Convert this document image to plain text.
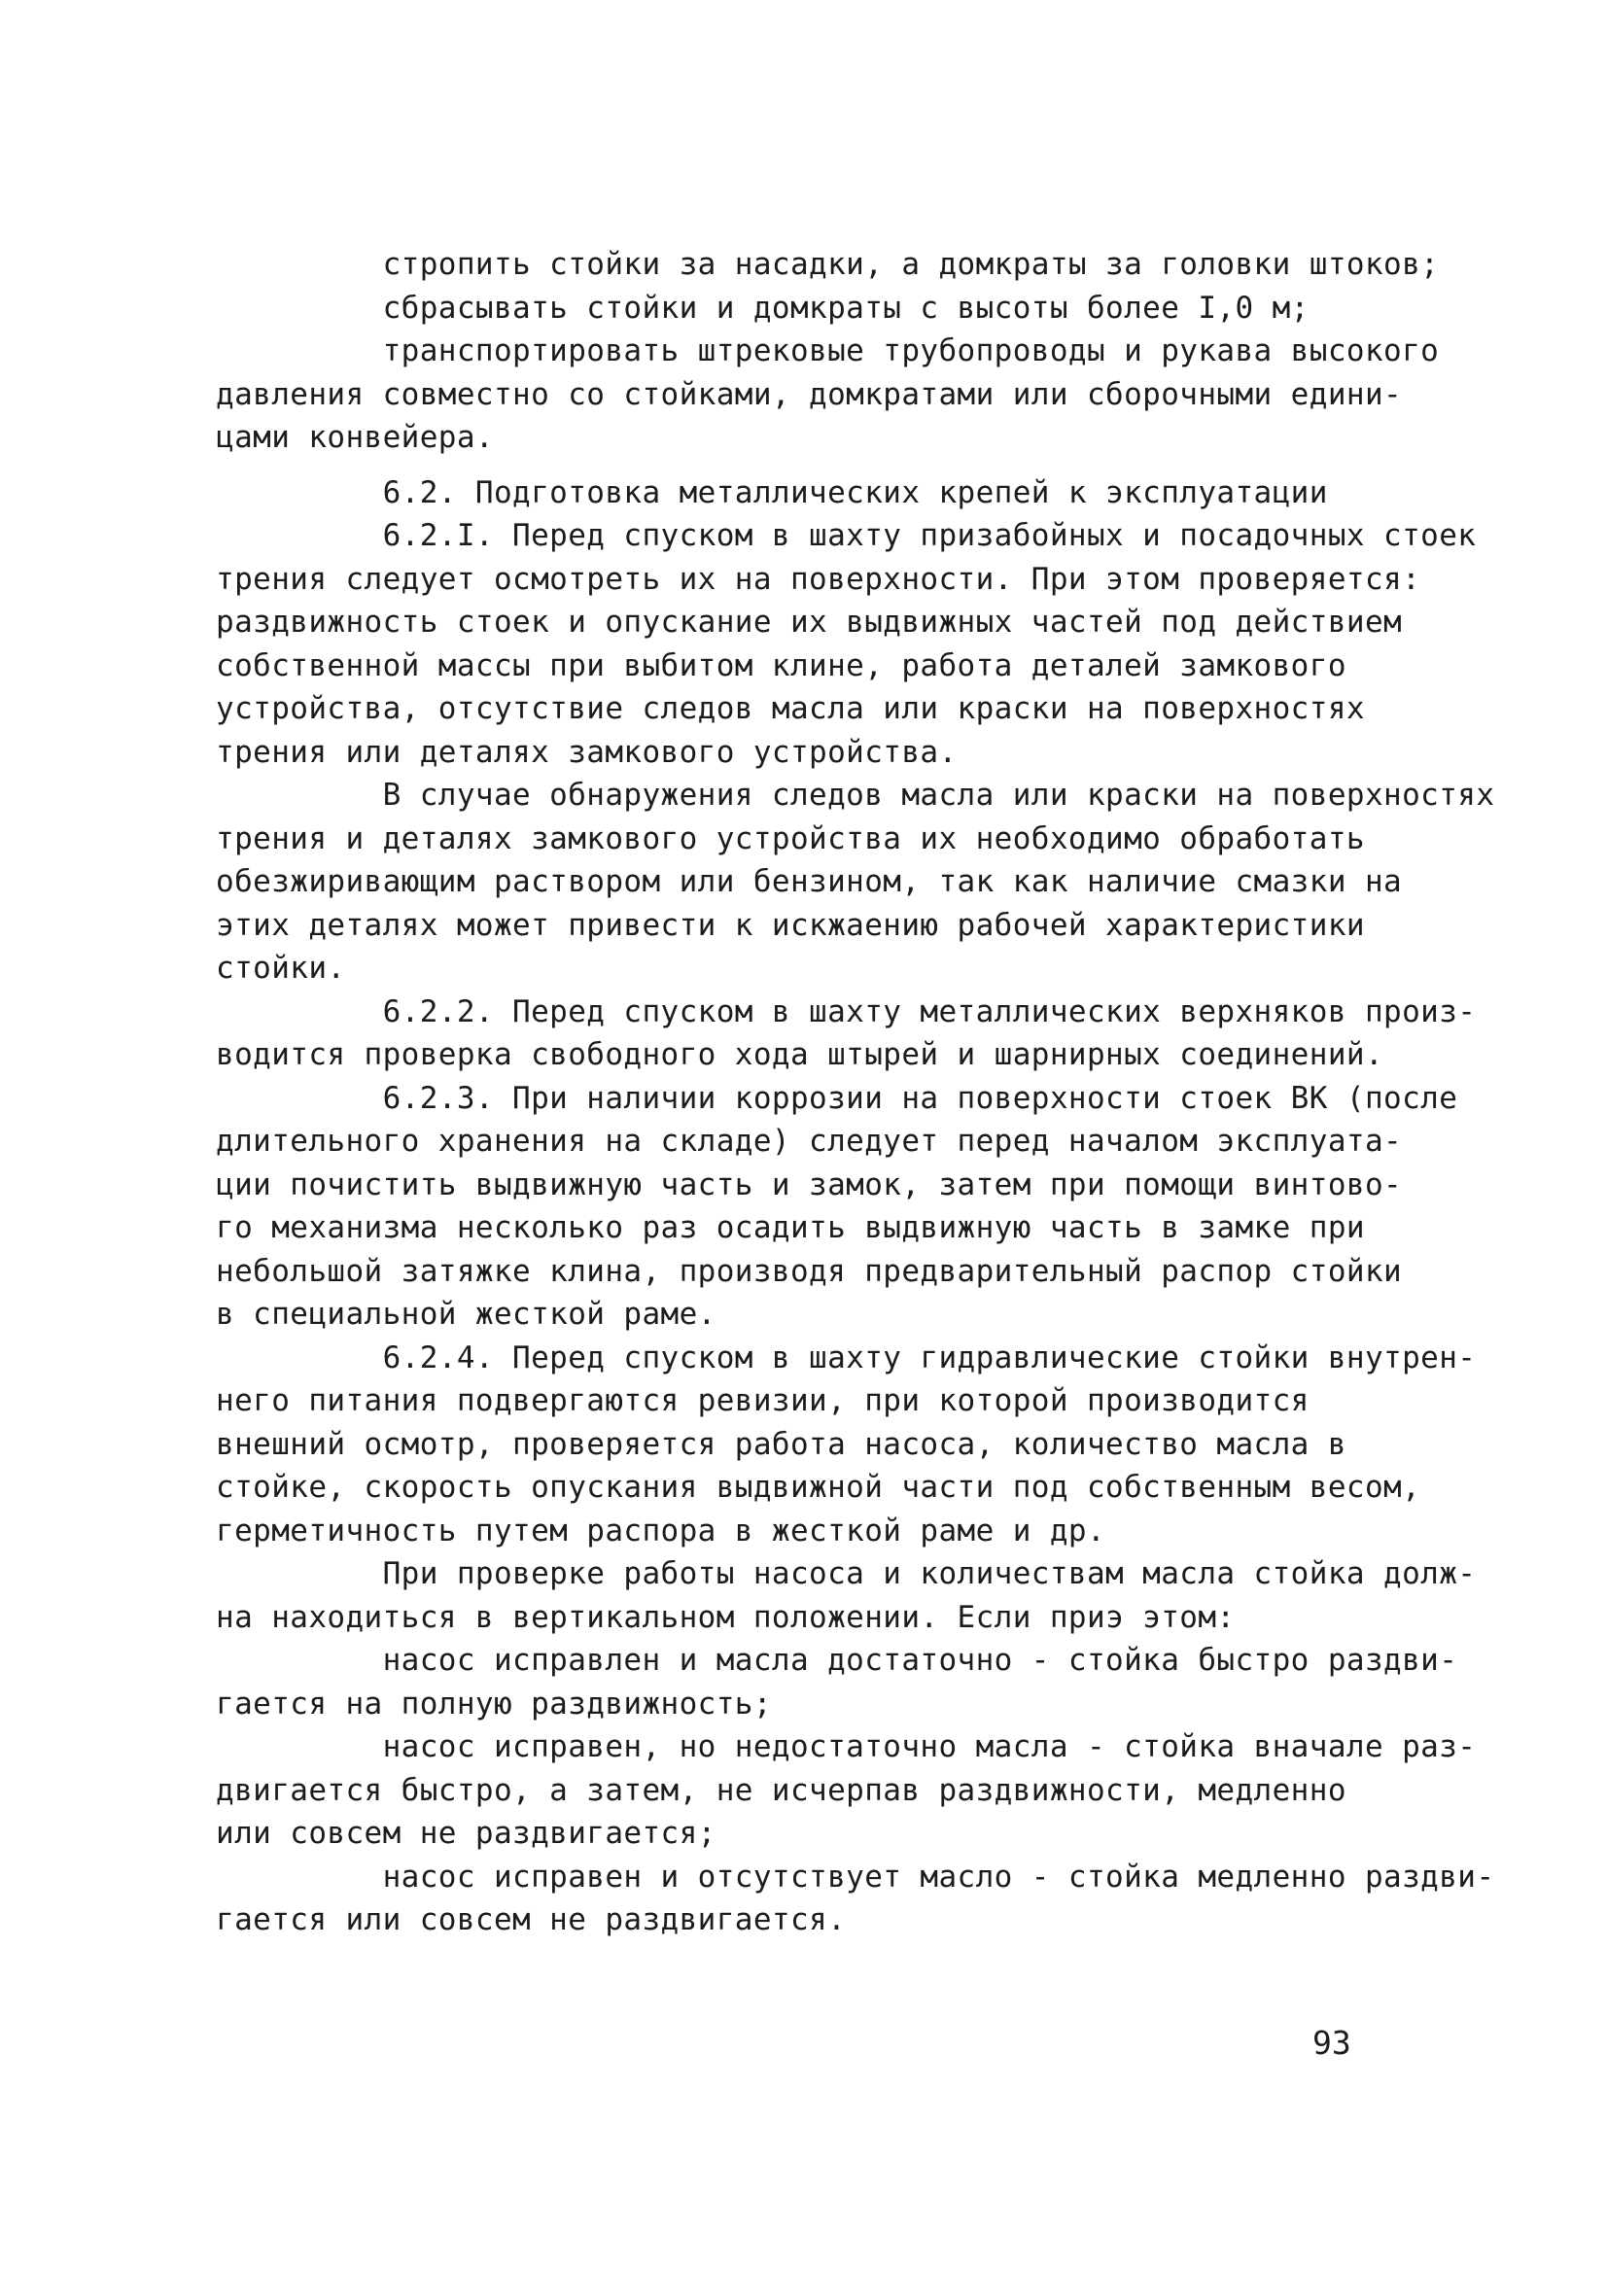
стропить стойки за насадки, а домкраты за головки штоков;
сбрасывать стойки и домкраты с высоты более I,0 м;
транспортировать штрековые трубопроводы и рукава высокого
давления совместно со стойками, домкратами или сборочными едини-
цами конвейера.
6.2. Подготовка металлических крепей к эксплуатации
6.2.I. Перед спуском в шахту призабойных и посадочных стоек
трения следует осмотреть их на поверхности. При этом проверяется:
раздвижность стоек и опускание их выдвижных частей под действием
собственной массы при выбитом клине, работа деталей замкового
устройства, отсутствие следов масла или краски на поверхностях
трения или деталях замкового устройства.
В случае обнаружения следов масла или краски на поверхностях
трения и деталях замкового устройства их необходимо обработать
обезжиривающим раствором или бензином, так как наличие смазки на
этих деталях может привести к искжаению рабочей характеристики
стойки.
6.2.2. Перед спуском в шахту металлических верхняков произ-
водится проверка свободного хода штырей и шарнирных соединений.
6.2.3. При наличии коррозии на поверхности стоек ВК (после
длительного хранения на складе) следует перед началом эксплуата-
ции почистить выдвижную часть и замок, затем при помощи винтово-
го механизма несколько раз осадить выдвижную часть в замке при
небольшой затяжке клина, производя предварительный распор стойки
в специальной жесткой раме.
6.2.4. Перед спуском в шахту гидравлические стойки внутрен-
него питания подвергаются ревизии, при которой производится
внешний осмотр, проверяется работа насоса, количество масла в
стойке, скорость опускания выдвижной части под собственным весом,
герметичность путем распора в жесткой раме и др.
При проверке работы насоса и количествам масла стойка долж-
на находиться в вертикальном положении. Если приэ этом:
насос исправлен и масла достаточно - стойка быстро раздви-
гается на полную раздвижность;
насос исправен, но недостаточно масла - стойка вначале раз-
двигается быстро, а затем, не исчерпав раздвижности, медленно
или совсем не раздвигается;
насос исправен и отсутствует масло - стойка медленно раздви-
гается или совсем не раздвигается.
93
